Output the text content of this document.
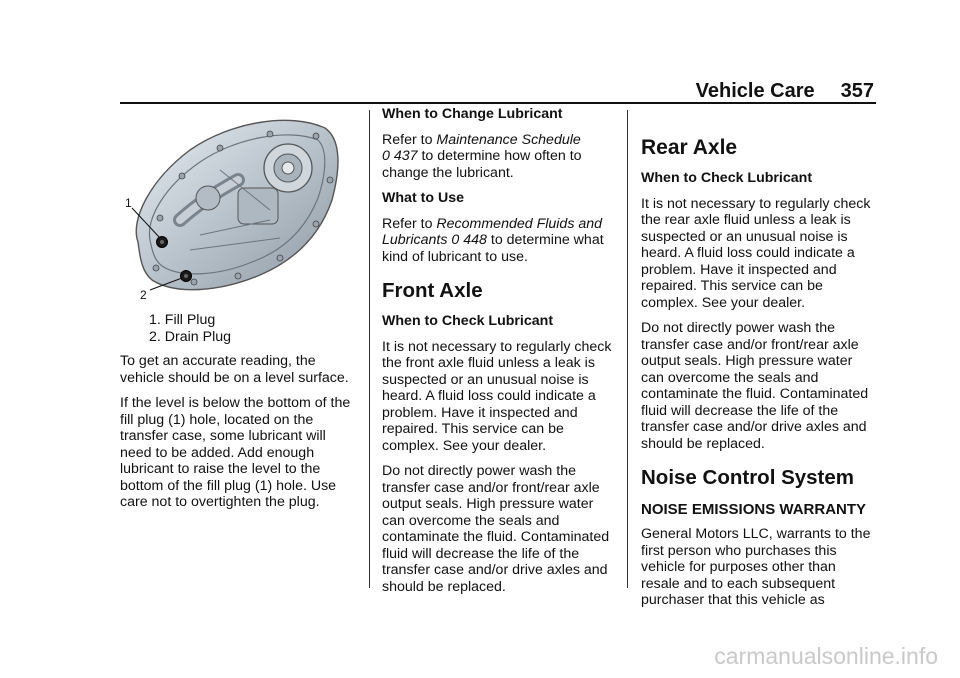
Vehicle Care 357
1
2
1. Fill Plug
2. Drain Plug

To get an accurate reading, the vehicle should be on a level surface.

If the level is below the bottom of the fill plug (1) hole, located on the transfer case, some lubricant will need to be added. Add enough lubricant to raise the level to the bottom of the fill plug (1) hole. Use care not to overtighten the plug.

When to Change Lubricant

Refer to Maintenance Schedule
0 437 to determine how often to change the lubricant.

What to Use

Refer to Recommended Fluids and Lubricants 0 448 to determine what kind of lubricant to use.

Front Axle

When to Check Lubricant

It is not necessary to regularly check the front axle fluid unless a leak is suspected or an unusual noise is heard. A fluid loss could indicate a problem. Have it inspected and repaired. This service can be complex. See your dealer.

Do not directly power wash the transfer case and/or front/rear axle output seals. High pressure water can overcome the seals and contaminate the fluid. Contaminated fluid will decrease the life of the transfer case and/or drive axles and should be replaced.

Rear Axle

When to Check Lubricant

It is not necessary to regularly check the rear axle fluid unless a leak is suspected or an unusual noise is heard. A fluid loss could indicate a problem. Have it inspected and repaired. This service can be complex. See your dealer.

Do not directly power wash the transfer case and/or front/rear axle output seals. High pressure water can overcome the seals and contaminate the fluid. Contaminated fluid will decrease the life of the transfer case and/or drive axles and should be replaced.

Noise Control System
NOISE EMISSIONS WARRANTY

General Motors LLC, warrants to the first person who purchases this vehicle for purposes other than resale and to each subsequent purchaser that this vehicle as

carmanualsonline.info
